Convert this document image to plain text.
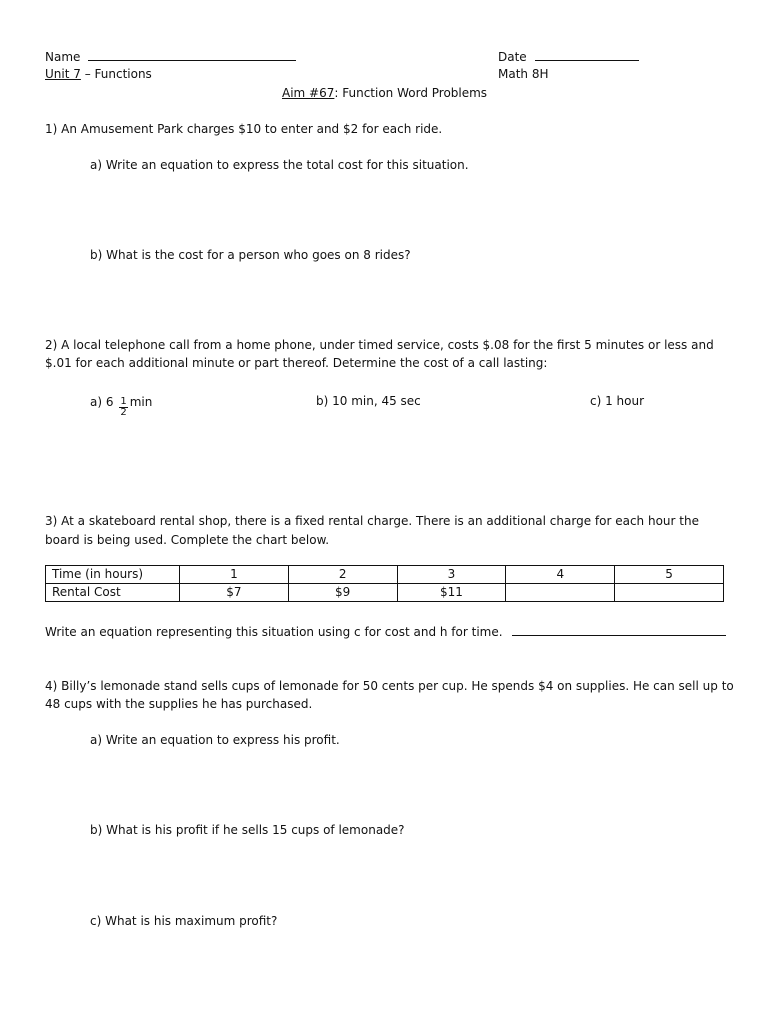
Name	Date
Unit 7 – Functions	Math 8H
Aim #67: Function Word Problems
1) An Amusement Park charges $10 to enter and $2 for each ride.
a) Write an equation to express the total cost for this situation.
b) What is the cost for a person who goes on 8 rides?
2) A local telephone call from a home phone, under timed service, costs $.08 for the first 5 minutes or less and
$.01 for each additional minute or part thereof. Determine the cost of a call lasting:
a) $6 \frac{1}{2}$ min	b) 10 min, 45 sec	c) 1 hour
3) At a skateboard rental shop, there is a fixed rental charge. There is an additional charge for each hour the
board is being used. Complete the chart below.
Time (in hours)	1	2	3	4	5
Rental Cost	$7	$9	$11		
Write an equation representing this situation using c for cost and h for time.
4) Billy’s lemonade stand sells cups of lemonade for 50 cents per cup. He spends $4 on supplies. He can sell up to
48 cups with the supplies he has purchased.
a) Write an equation to express his profit.
b) What is his profit if he sells 15 cups of lemonade?
c) What is his maximum profit?
